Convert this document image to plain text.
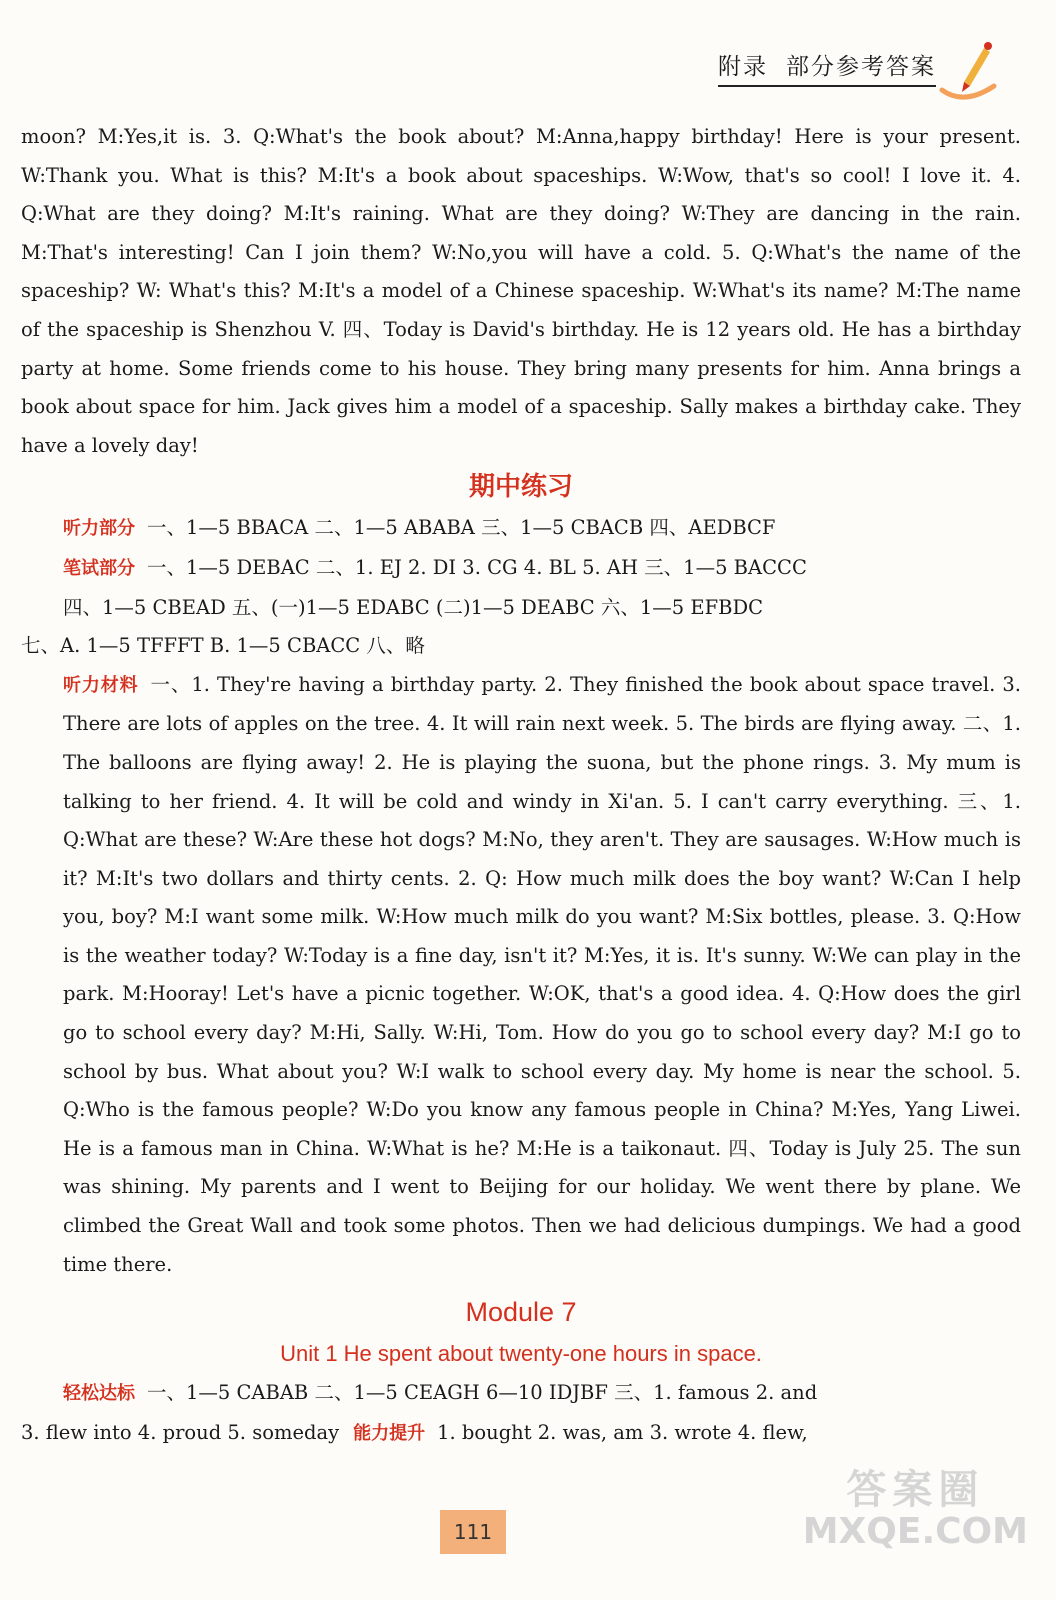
附录 部分参考答案

moon? M:Yes,it is. 3. Q:What's the book about? M:Anna,happy birthday! Here is your present. W:Thank you. What is this? M:It's a book about spaceships. W:Wow, that's so cool! I love it. 4. Q:What are they doing? M:It's raining. What are they doing? W:They are dancing in the rain. M:That's interesting! Can I join them? W:No,you will have a cold. 5. Q:What's the name of the spaceship? W: What's this? M:It's a model of a Chinese spaceship. W:What's its name? M:The name of the spaceship is Shenzhou V. 四、Today is David's birthday. He is 12 years old. He has a birthday party at home. Some friends come to his house. They bring many presents for him. Anna brings a book about space for him. Jack gives him a model of a spaceship. Sally makes a birthday cake. They have a lovely day!

期中练习

听力部分 一、1—5 BBACA 二、1—5 ABABA 三、1—5 CBACB 四、AEDBCF

笔试部分 一、1—5 DEBAC 二、1. EJ 2. DI 3. CG 4. BL 5. AH 三、1—5 BACCC

四、1—5 CBEAD 五、(一)1—5 EDABC (二)1—5 DEABC 六、1—5 EFBDC

七、A. 1—5 TFFFT B. 1—5 CBACC 八、略

听力材料 一、1. They're having a birthday party. 2. They finished the book about space travel. 3. There are lots of apples on the tree. 4. It will rain next week. 5. The birds are flying away. 二、1. The balloons are flying away! 2. He is playing the suona, but the phone rings. 3. My mum is talking to her friend. 4. It will be cold and windy in Xi'an. 5. I can't carry everything. 三、1. Q:What are these? W:Are these hot dogs? M:No, they aren't. They are sausages. W:How much is it? M:It's two dollars and thirty cents. 2. Q: How much milk does the boy want? W:Can I help you, boy? M:I want some milk. W:How much milk do you want? M:Six bottles, please. 3. Q:How is the weather today? W:Today is a fine day, isn't it? M:Yes, it is. It's sunny. W:We can play in the park. M:Hooray! Let's have a picnic together. W:OK, that's a good idea. 4. Q:How does the girl go to school every day? M:Hi, Sally. W:Hi, Tom. How do you go to school every day? M:I go to school by bus. What about you? W:I walk to school every day. My home is near the school. 5. Q:Who is the famous people? W:Do you know any famous people in China? M:Yes, Yang Liwei. He is a famous man in China. W:What is he? M:He is a taikonaut. 四、Today is July 25. The sun was shining. My parents and I went to Beijing for our holiday. We went there by plane. We climbed the Great Wall and took some photos. Then we had delicious dumpings. We had a good time there.

Module 7
Unit 1 He spent about twenty-one hours in space.

轻松达标 一、1—5 CABAB 二、1—5 CEAGH 6—10 IDJBF 三、1. famous 2. and

3. flew into 4. proud 5. someday 能力提升 1. bought 2. was, am 3. wrote 4. flew,

111
答案圈
MXQE.COM
